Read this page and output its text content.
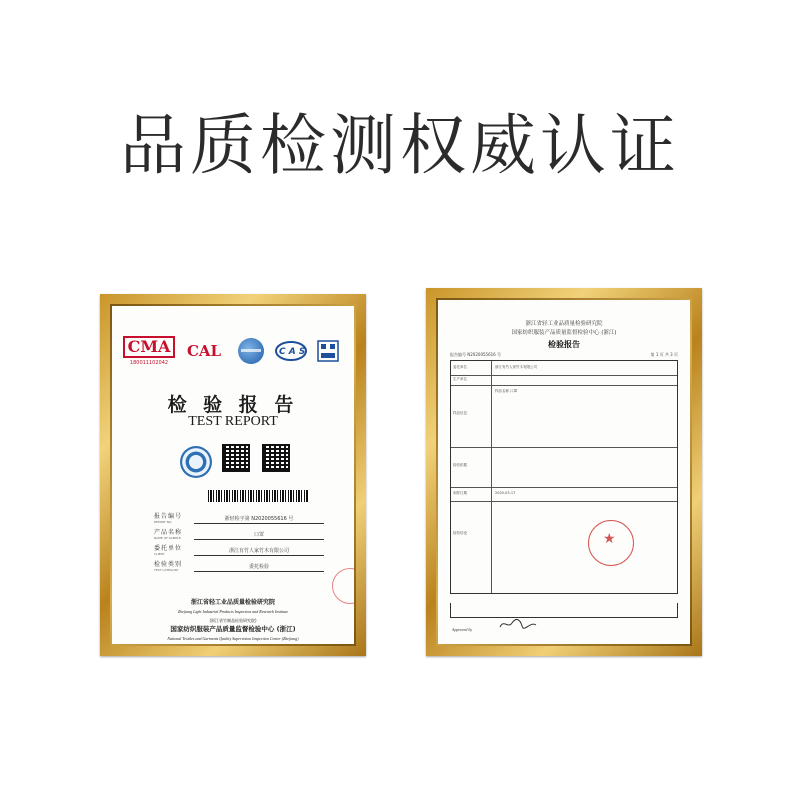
品质检测权威认证
CMA
180011102042
CAL	C A S
检 验 报 告
TEST REPORT
报告编号
REPORT NO.	浙轻检字第 N2020055616 号
产品名称
NAME OF SAMPLE	口罩
委托单位
CLIENT	浙江有竹人家竹木有限公司
检验类别
TEST CATEGORY	委托检验
浙江省轻工业品质量检验研究院
Zhejiang Light Industrial Products Inspection and Research Institute
(浙江省竹制品检验研究院)
国家纺织服装产品质量监督检验中心 (浙江)
National Textiles and Garments Quality Supervision Inspection Center (Zhejiang)
浙江省轻工业品质量检验研究院
国家纺织服装产品质量监督检验中心 (浙江)
检验报告
报告编号 N2020055616 号	第 1 页 共 3 页
委托单位	浙江有竹人家竹木有限公司
生产单位
样品信息
样品名称 口罩
检验依据
到样日期	2020-03-17
检验结论
★
Approved by
